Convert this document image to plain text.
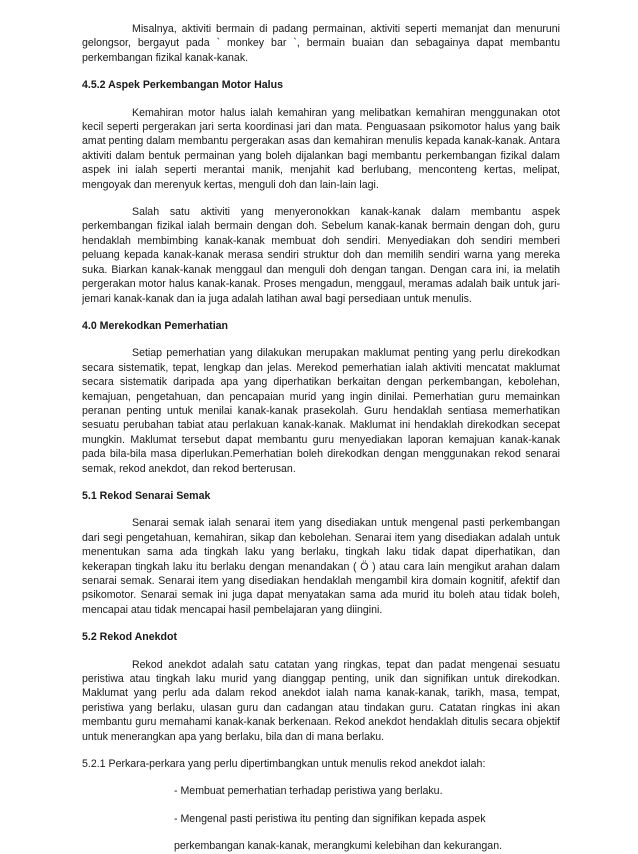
Misalnya, aktiviti bermain di padang permainan, aktiviti seperti memanjat dan menuruni gelongsor, bergayut pada ` monkey bar `, bermain buaian dan sebagainya dapat membantu perkembangan fizikal kanak-kanak.

4.5.2 Aspek Perkembangan Motor Halus

Kemahiran motor halus ialah kemahiran yang melibatkan kemahiran menggunakan otot kecil seperti pergerakan jari serta koordinasi jari dan mata. Penguasaan psikomotor halus yang baik amat penting dalam membantu pergerakan asas dan kemahiran menulis kepada kanak-kanak. Antara aktiviti dalam bentuk permainan yang boleh dijalankan bagi membantu perkembangan fizikal dalam aspek ini ialah seperti merantai manik, menjahit kad berlubang, menconteng kertas, melipat, mengoyak dan merenyuk kertas, menguli doh dan lain-lain lagi.

Salah satu aktiviti yang menyeronokkan kanak-kanak dalam membantu aspek perkembangan fizikal ialah bermain dengan doh. Sebelum kanak-kanak bermain dengan doh, guru hendaklah membimbing kanak-kanak membuat doh sendiri. Menyediakan doh sendiri memberi peluang kepada kanak-kanak merasa sendiri struktur doh dan memilih sendiri warna yang mereka suka. Biarkan kanak-kanak menggaul dan menguli doh dengan tangan. Dengan cara ini, ia melatih pergerakan motor halus kanak-kanak. Proses mengadun, menggaul, meramas adalah baik untuk jari-jemari kanak-kanak dan ia juga adalah latihan awal bagi persediaan untuk menulis.

4.0 Merekodkan Pemerhatian

Setiap pemerhatian yang dilakukan merupakan maklumat penting yang perlu direkodkan secara sistematik, tepat, lengkap dan jelas. Merekod pemerhatian ialah aktiviti mencatat maklumat secara sistematik daripada apa yang diperhatikan berkaitan dengan perkembangan, kebolehan, kemajuan, pengetahuan, dan pencapaian murid yang ingin dinilai. Pemerhatian guru memainkan peranan penting untuk menilai kanak-kanak prasekolah. Guru hendaklah sentiasa memerhatikan sesuatu perubahan tabiat atau perlakuan kanak-kanak. Maklumat ini hendaklah direkodkan secepat mungkin. Maklumat tersebut dapat membantu guru menyediakan laporan kemajuan kanak-kanak pada bila-bila masa diperlukan.Pemerhatian boleh direkodkan dengan menggunakan rekod senarai semak, rekod anekdot, dan rekod berterusan.

5.1 Rekod Senarai Semak

Senarai semak ialah senarai item yang disediakan untuk mengenal pasti perkembangan dari segi pengetahuan, kemahiran, sikap dan kebolehan. Senarai item yang disediakan adalah untuk menentukan sama ada tingkah laku yang berlaku, tingkah laku tidak dapat diperhatikan, dan kekerapan tingkah laku itu berlaku dengan menandakan ( Ö ) atau cara lain mengikut arahan dalam senarai semak. Senarai item yang disediakan hendaklah mengambil kira domain kognitif, afektif dan psikomotor. Senarai semak ini juga dapat menyatakan sama ada murid itu boleh atau tidak boleh, mencapai atau tidak mencapai hasil pembelajaran yang diingini.

5.2 Rekod Anekdot

Rekod anekdot adalah satu catatan yang ringkas, tepat dan padat mengenai sesuatu peristiwa atau tingkah laku murid yang dianggap penting, unik dan signifikan untuk direkodkan. Maklumat yang perlu ada dalam rekod anekdot ialah nama kanak-kanak, tarikh, masa, tempat, peristiwa yang berlaku, ulasan guru dan cadangan atau tindakan guru. Catatan ringkas ini akan membantu guru memahami kanak-kanak berkenaan. Rekod anekdot hendaklah ditulis secara objektif untuk menerangkan apa yang berlaku, bila dan di mana berlaku.

5.2.1 Perkara-perkara yang perlu dipertimbangkan untuk menulis rekod anekdot ialah:

- Membuat pemerhatian terhadap peristiwa yang berlaku.

- Mengenal pasti peristiwa itu penting dan signifikan kepada aspek

perkembangan kanak-kanak, merangkumi kelebihan dan kekurangan.
